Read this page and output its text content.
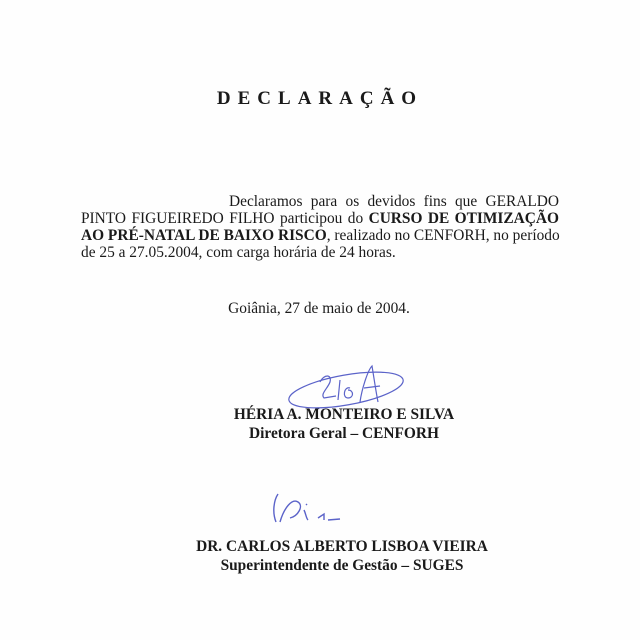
DECLARAÇÃO
Declaramos para os devidos fins que GERALDO
PINTO FIGUEIREDO FILHO participou do CURSO DE OTIMIZAÇÃO
AO PRÉ-NATAL DE BAIXO RISCO, realizado no CENFORH, no período
de 25 a 27.05.2004, com carga horária de 24 horas.
Goiânia, 27 de maio de 2004.
HÉRIA A. MONTEIRO E SILVA
Diretora Geral – CENFORH
DR. CARLOS ALBERTO LISBOA VIEIRA
Superintendente de Gestão – SUGES
